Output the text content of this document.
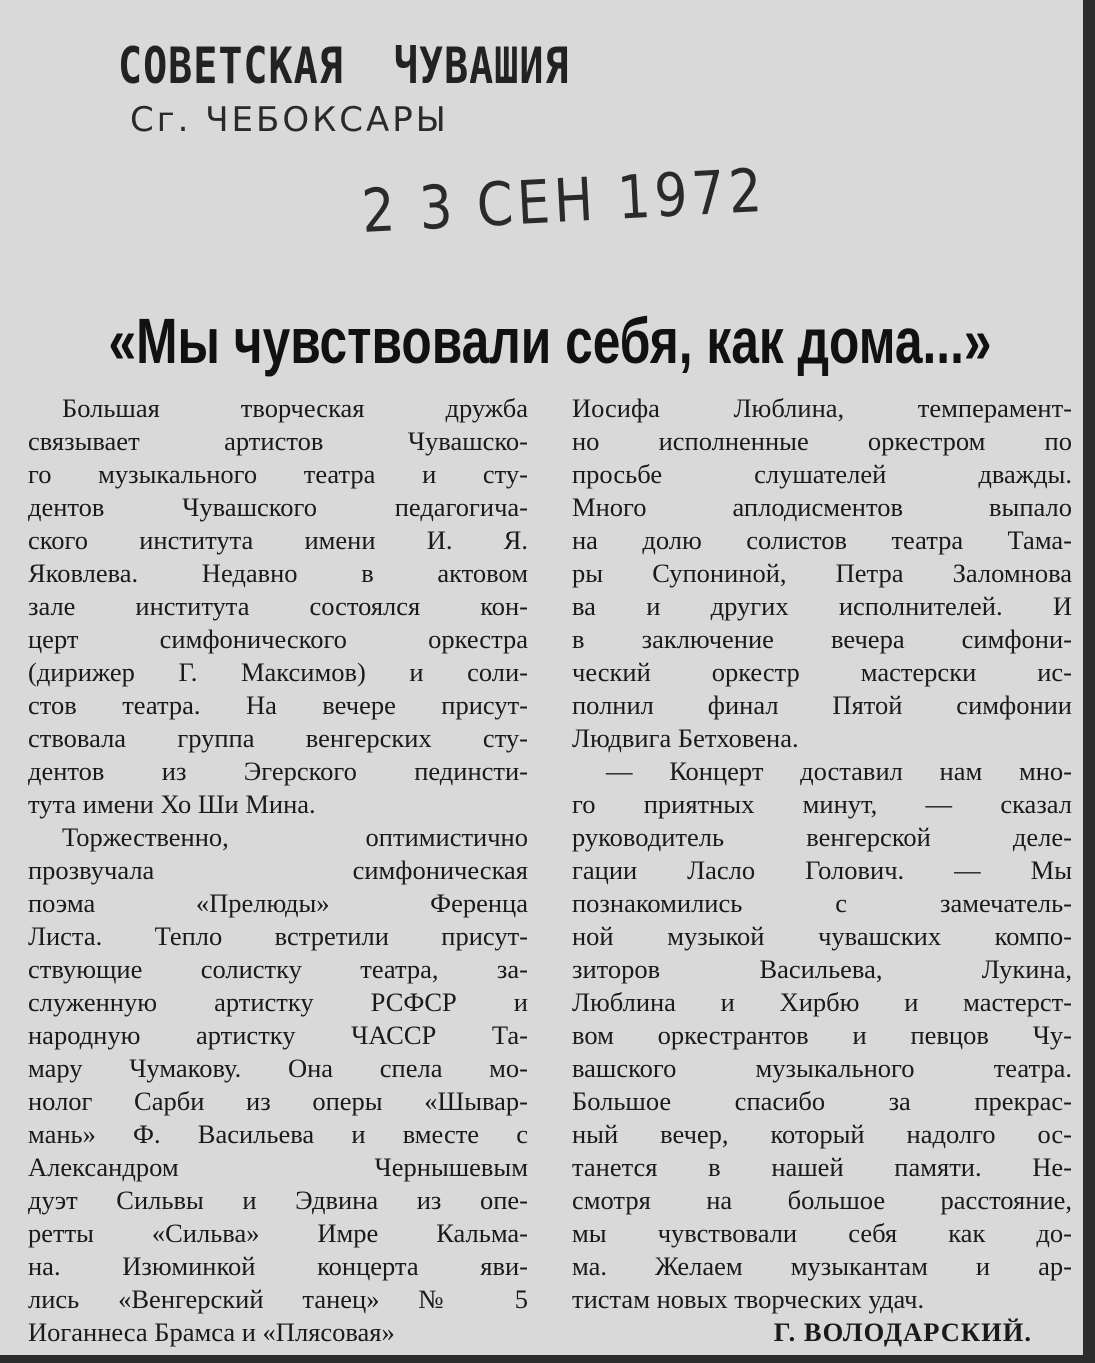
СОВЕТСКАЯ  ЧУВАШИЯ
Сг. ЧЕБОКСАРЫ
2 3 СЕН 1972
«Мы чувствовали себя, как дома...»
Большая творческая дружба
связывает артистов Чувашско-
го музыкального театра и сту-
дентов Чувашского педагогича-
ского института имени И. Я.
Яковлева. Недавно в актовом
зале института состоялся кон-
церт симфонического оркестра
(дирижер Г. Максимов) и соли-
стов театра. На вечере присут-
ствовала группа венгерских сту-
дентов из Эгерского пединсти-
тута имени Хо Ши Мина.
Торжественно, оптимистично
прозвучала симфоническая
поэма «Прелюды» Ференца
Листа. Тепло встретили присут-
ствующие солистку театра, за-
служенную артистку РСФСР и
народную артистку ЧАССР Та-
мару Чумакову. Она спела мо-
нолог Сарби из оперы «Шывар-
мань» Ф. Васильева и вместе с
Александром Чернышевым
дуэт Сильвы и Эдвина из опе-
ретты «Сильва» Имре Кальма-
на. Изюминкой концерта яви-
лись «Венгерский танец» № 5
Иоганнеса Брамса и «Плясовая»
Иосифа Люблина, темперамент-
но исполненные оркестром по
просьбе слушателей дважды.
Много аплодисментов выпало
на долю солистов театра Тама-
ры Супониной, Петра Заломнова
ва и других исполнителей. И
в заключение вечера симфони-
ческий оркестр мастерски ис-
полнил финал Пятой симфонии
Людвига Бетховена.
— Концерт доставил нам мно-
го приятных минут, — сказал
руководитель венгерской деле-
гации Ласло Голович. — Мы
познакомились с замечатель-
ной музыкой чувашских компо-
зиторов Васильева, Лукина,
Люблина и Хирбю и мастерст-
вом оркестрантов и певцов Чу-
вашского музыкального театра.
Большое спасибо за прекрас-
ный вечер, который надолго ос-
танется в нашей памяти. Не-
смотря на большое расстояние,
мы чувствовали себя как до-
ма. Желаем музыкантам и ар-
тистам новых творческих удач.
Г. ВОЛОДАРСКИЙ.
